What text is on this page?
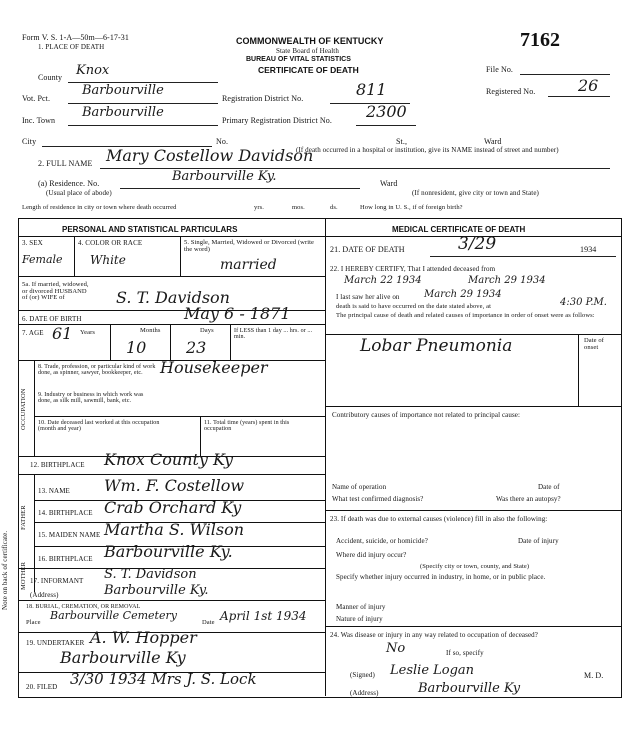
Form V. S. 1-A—50m—6-17-31
1. PLACE OF DEATH
COMMONWEALTH OF KENTUCKY
State Board of Health
BUREAU OF VITAL STATISTICS
CERTIFICATE OF DEATH
7162
File No.
Registered No.	26
County Knox
Vot. Pct.
Barbourville
Registration District No.	811
Inc. Town
Barbourville
Primary Registration District No. 2300
City	No.	St.,	Ward
(If death occurred in a hospital or institution, give its NAME instead of street and number)
2. FULL NAME Mary Costellow Davidson
(a) Residence. No.
(Usual place of abode)
Barbourville Ky.	Ward
(If nonresident, give city or town and State)
Length of residence in city or town where death occurred	yrs.	mos.	ds.	How long in U. S., if of foreign birth?
PERSONAL AND STATISTICAL PARTICULARS	MEDICAL CERTIFICATE OF DEATH
3. SEX
Female
4. COLOR OR RACE
White
5. Single, Married, Widowed or Divorced (write the word)
married
5a. If married, widowed, or divorced HUSBAND of (or) WIFE of	S. T. Davidson
6. DATE OF BIRTH	May 6 - 1871
7. AGE 61 Years	Months
10
Days
23
If LESS than 1 day ... hrs. or ... min.
OCCUPATION
8. Trade, profession, or particular kind of work done, as spinner, sawyer, bookkeeper, etc.	Housekeeper
9. Industry or business in which work was done, as silk mill, sawmill, bank, etc.
10. Date deceased last worked at this occupation (month and year)
11. Total time (years) spent in this occupation
12. BIRTHPLACE Knox County Ky
FATHER
MOTHER
13. NAME Wm. F. Costellow
14. BIRTHPLACE Crab Orchard Ky
15. MAIDEN NAME Martha S. Wilson
16. BIRTHPLACE Barbourville Ky.
17. INFORMANT S. T. Davidson
(Address)	Barbourville Ky.
18. BURIAL, CREMATION, OR REMOVAL
Place
Barbourville Cemetery
Date April 1st 1934
19. UNDERTAKER A. W. Hopper
Barbourville Ky
20. FILED 3/30 1934 Mrs J. S. Lock
Note on back of certificate.
21. DATE OF DEATH	3/29	1934
22. I HEREBY CERTIFY, That I attended deceased from
March 22 1934	March 29 1934
I last saw her alive on March 29 1934
death is said to have occurred on the date stated above, at	4:30 P.M.
The principal cause of death and related causes of importance in order of onset were as follows:
Date of onset
Lobar Pneumonia
Contributory causes of importance not related to principal cause:
Name of operation	Date of
What test confirmed diagnosis?	Was there an autopsy?
23. If death was due to external causes (violence) fill in also the following:
Accident, suicide, or homicide?	Date of injury
Where did injury occur?
(Specify city or town, county, and State)
Specify whether injury occurred in industry, in home, or in public place.
Manner of injury
Nature of injury
24. Was disease or injury in any way related to occupation of deceased?
No	If so, specify
(Signed) Leslie Logan	M. D.
(Address)	Barbourville Ky
